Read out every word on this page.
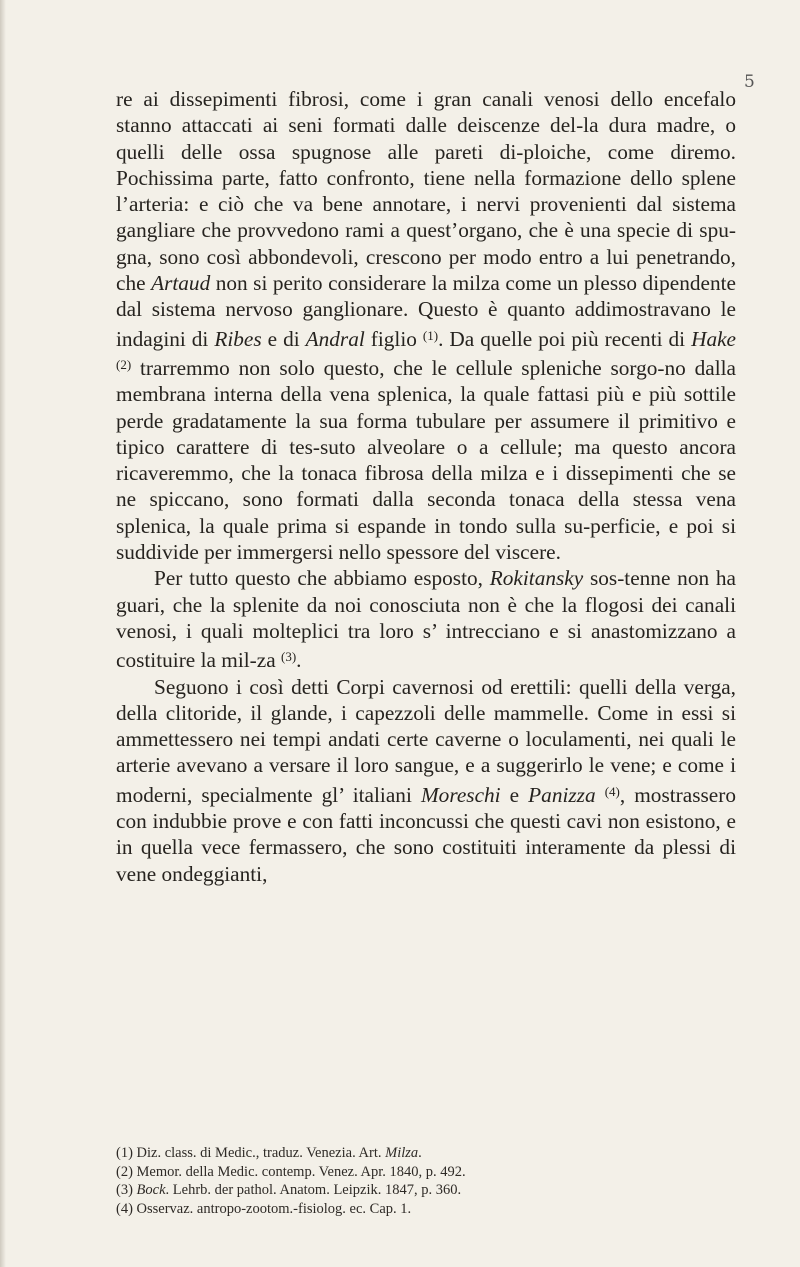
5

re ai dissepimenti fibrosi, come i gran canali venosi dello encefalo stanno attaccati ai seni formati dalle deiscenze del-la dura madre, o quelli delle ossa spugnose alle pareti di-ploiche, come diremo. Pochissima parte, fatto confronto, tiene nella formazione dello splene l’arteria: e ciò che va bene annotare, i nervi provenienti dal sistema gangliare che provvedono rami a quest’organo, che è una specie di spu-gna, sono così abbondevoli, crescono per modo entro a lui penetrando, che Artaud non si perito considerare la milza come un plesso dipendente dal sistema nervoso ganglionare. Questo è quanto addimostravano le indagini di Ribes e di Andral figlio $^{(1)}$. Da quelle poi più recenti di Hake $^{(2)}$ trarremmo non solo questo, che le cellule spleniche sorgo-no dalla membrana interna della vena splenica, la quale fattasi più e più sottile perde gradatamente la sua forma tubulare per assumere il primitivo e tipico carattere di tes-suto alveolare o a cellule; ma questo ancora ricaveremmo, che la tonaca fibrosa della milza e i dissepimenti che se ne spiccano, sono formati dalla seconda tonaca della stessa vena splenica, la quale prima si espande in tondo sulla su-perficie, e poi si suddivide per immergersi nello spessore del viscere.

Per tutto questo che abbiamo esposto, Rokitansky sos-tenne non ha guari, che la splenite da noi conosciuta non è che la flogosi dei canali venosi, i quali molteplici tra loro s’ intrecciano e si anastomizzano a costituire la mil-za $^{(3)}$.

Seguono i così detti Corpi cavernosi od erettili: quelli della verga, della clitoride, il glande, i capezzoli delle mammelle. Come in essi si ammettessero nei tempi andati certe caverne o loculamenti, nei quali le arterie avevano a versare il loro sangue, e a suggerirlo le vene; e come i moderni, specialmente gl’ italiani Moreschi e Panizza $^{(4)}$, mostrassero con indubbie prove e con fatti inconcussi che questi cavi non esistono, e in quella vece fermassero, che sono costituiti interamente da plessi di vene ondeggianti,

(1) Diz. class. di Medic., traduz. Venezia. Art. Milza.

(2) Memor. della Medic. contemp. Venez. Apr. 1840, p. 492.

(3) Bock. Lehrb. der pathol. Anatom. Leipzik. 1847, p. 360.

(4) Osservaz. antropo-zootom.-fisiolog. ec. Cap. 1.
